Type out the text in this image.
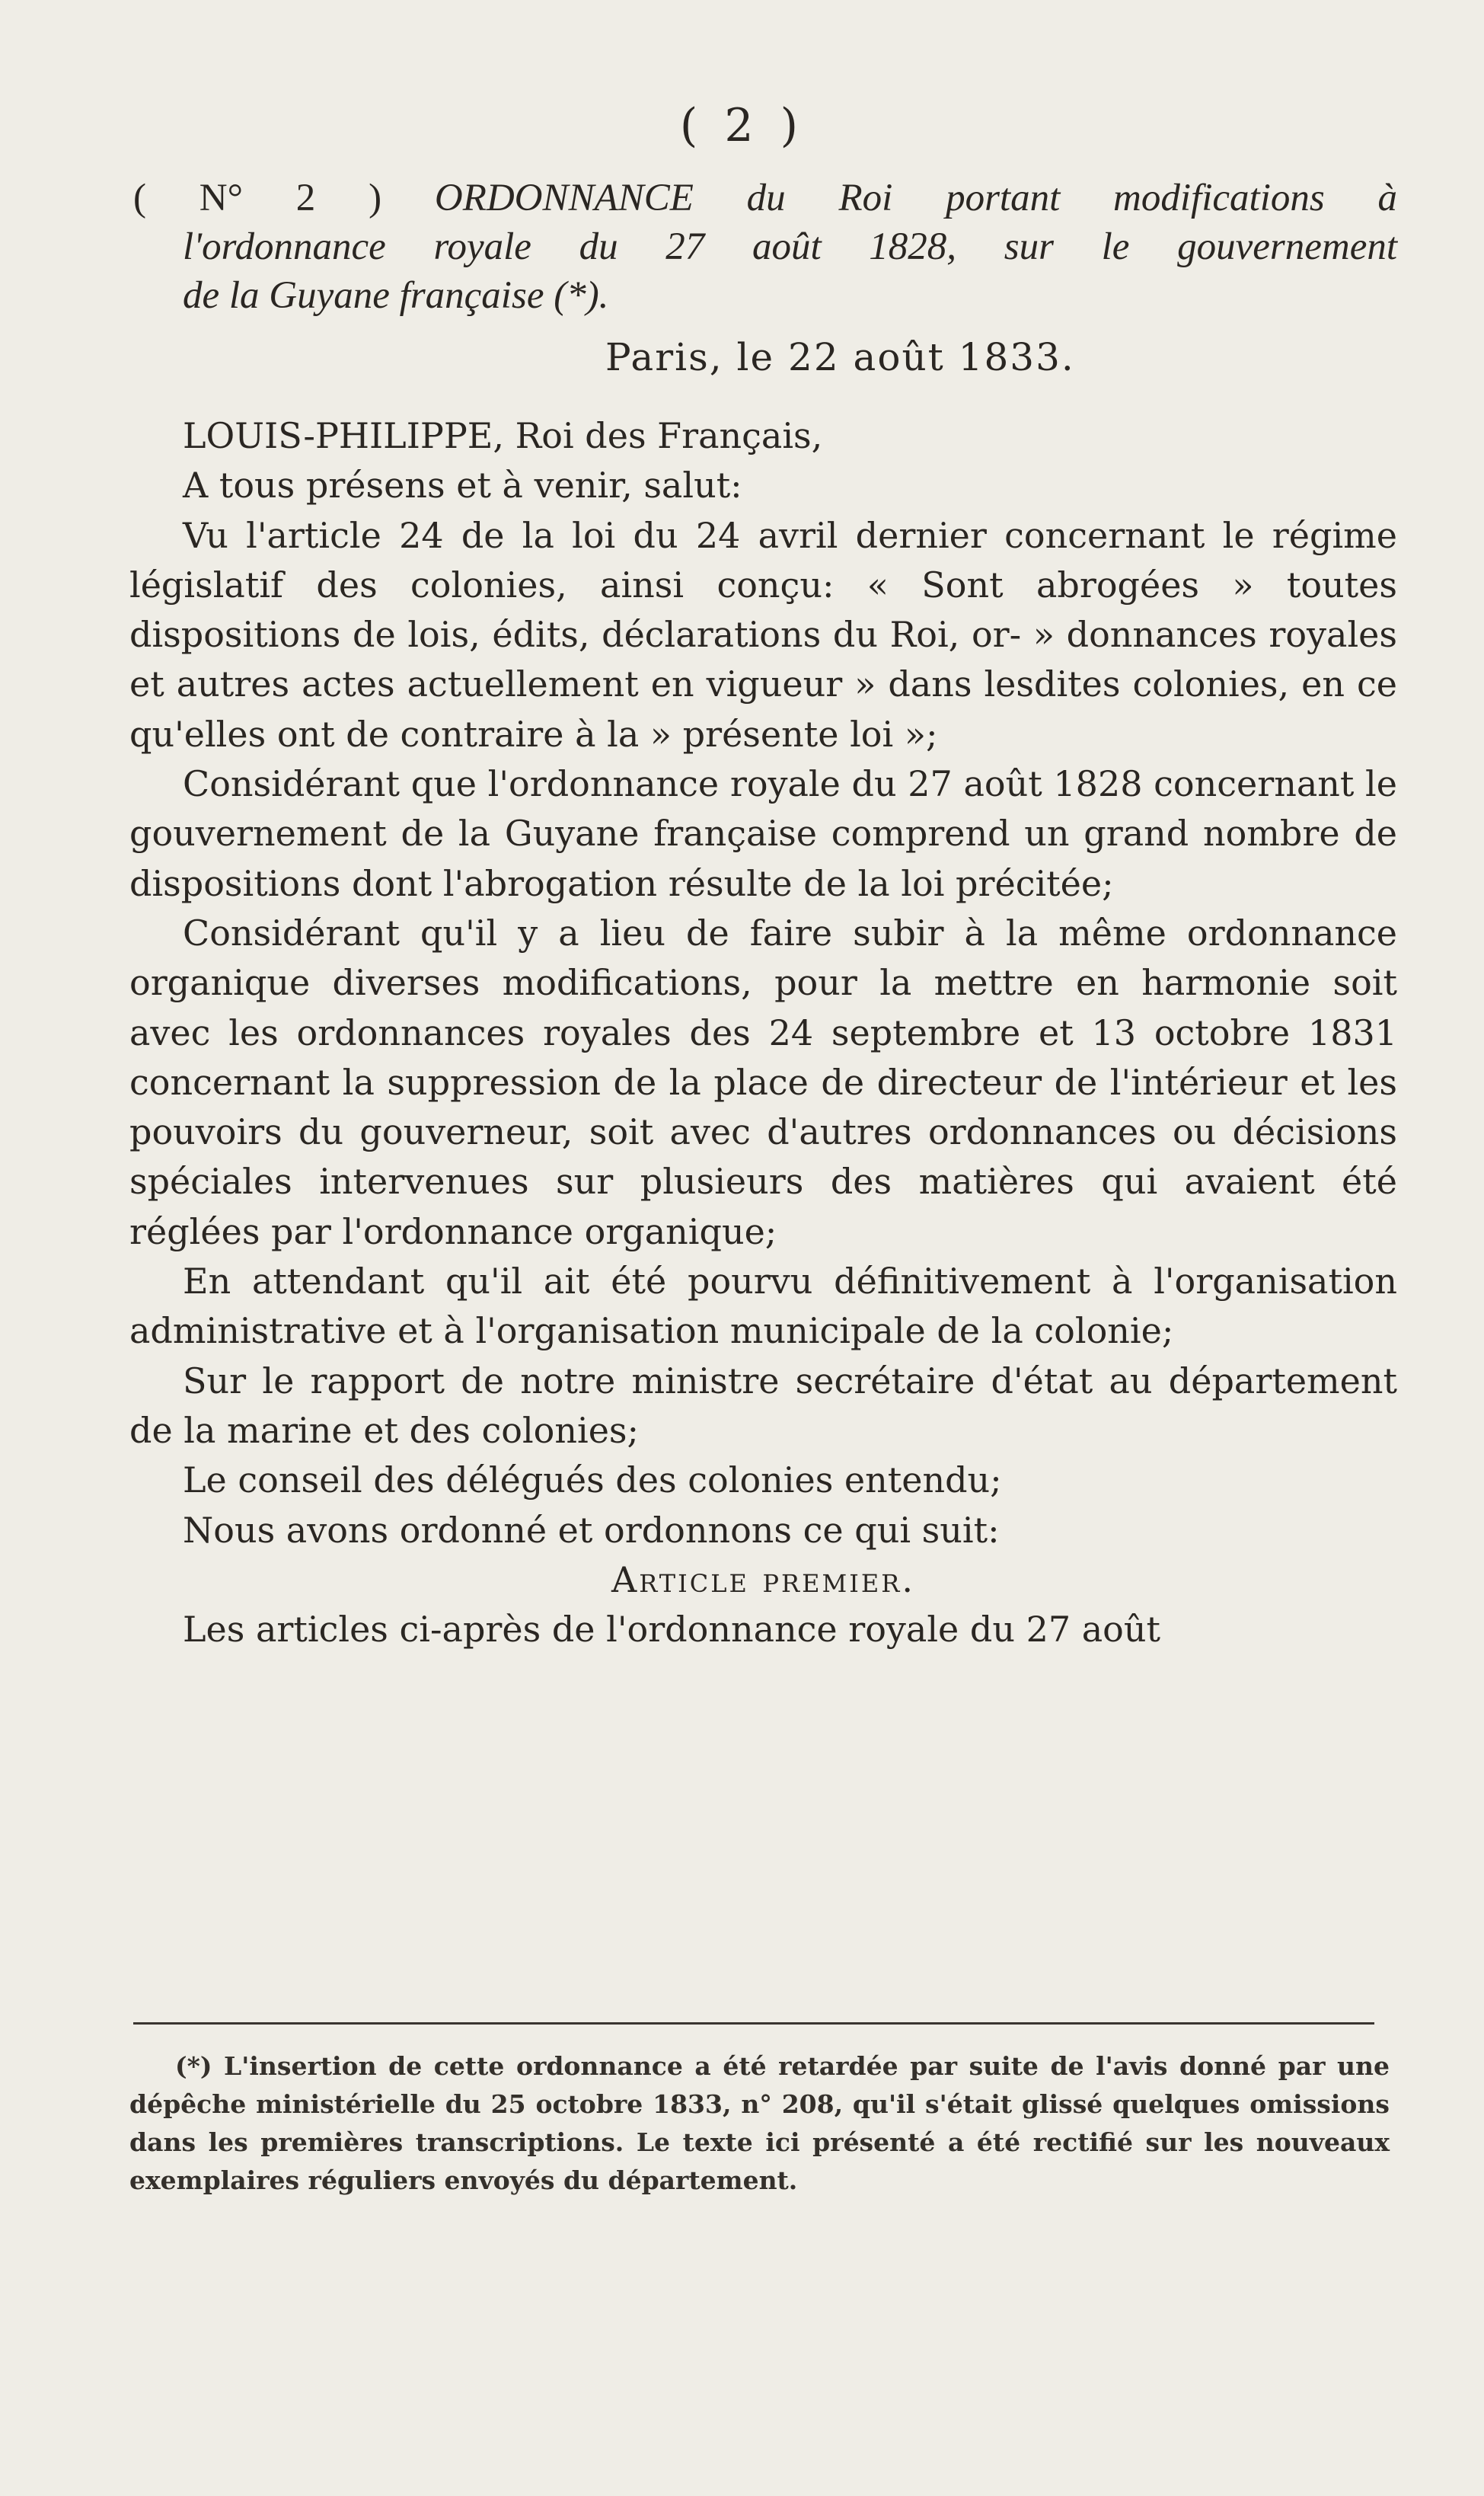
( 2 )
( N° 2 ) ORDONNANCE du Roi portant modifications à
l'ordonnance royale du 27 août 1828, sur le gouvernement
de la Guyane française (*).
Paris, le 22 août 1833.

LOUIS-PHILIPPE, Roi des Français,

A tous présens et à venir, salut:

Vu l'article 24 de la loi du 24 avril dernier concernant le régime législatif des colonies, ainsi conçu: « Sont abrogées » toutes dispositions de lois, édits, déclarations du Roi, or- » donnances royales et autres actes actuellement en vigueur » dans lesdites colonies, en ce qu'elles ont de contraire à la » présente loi »;

Considérant que l'ordonnance royale du 27 août 1828 concernant le gouvernement de la Guyane française comprend un grand nombre de dispositions dont l'abrogation résulte de la loi précitée;

Considérant qu'il y a lieu de faire subir à la même ordonnance organique diverses modifications, pour la mettre en harmonie soit avec les ordonnances royales des 24 septembre et 13 octobre 1831 concernant la suppression de la place de directeur de l'intérieur et les pouvoirs du gouverneur, soit avec d'autres ordonnances ou décisions spéciales intervenues sur plusieurs des matières qui avaient été réglées par l'ordonnance organique;

En attendant qu'il ait été pourvu définitivement à l'organisation administrative et à l'organisation municipale de la colonie;

Sur le rapport de notre ministre secrétaire d'état au département de la marine et des colonies;

Le conseil des délégués des colonies entendu;

Nous avons ordonné et ordonnons ce qui suit:

Article premier.

Les articles ci-après de l'ordonnance royale du 27 août

(*) L'insertion de cette ordonnance a été retardée par suite de l'avis donné par une dépêche ministérielle du 25 octobre 1833, n° 208, qu'il s'était glissé quelques omissions dans les premières transcriptions. Le texte ici présenté a été rectifié sur les nouveaux exemplaires réguliers envoyés du département.
